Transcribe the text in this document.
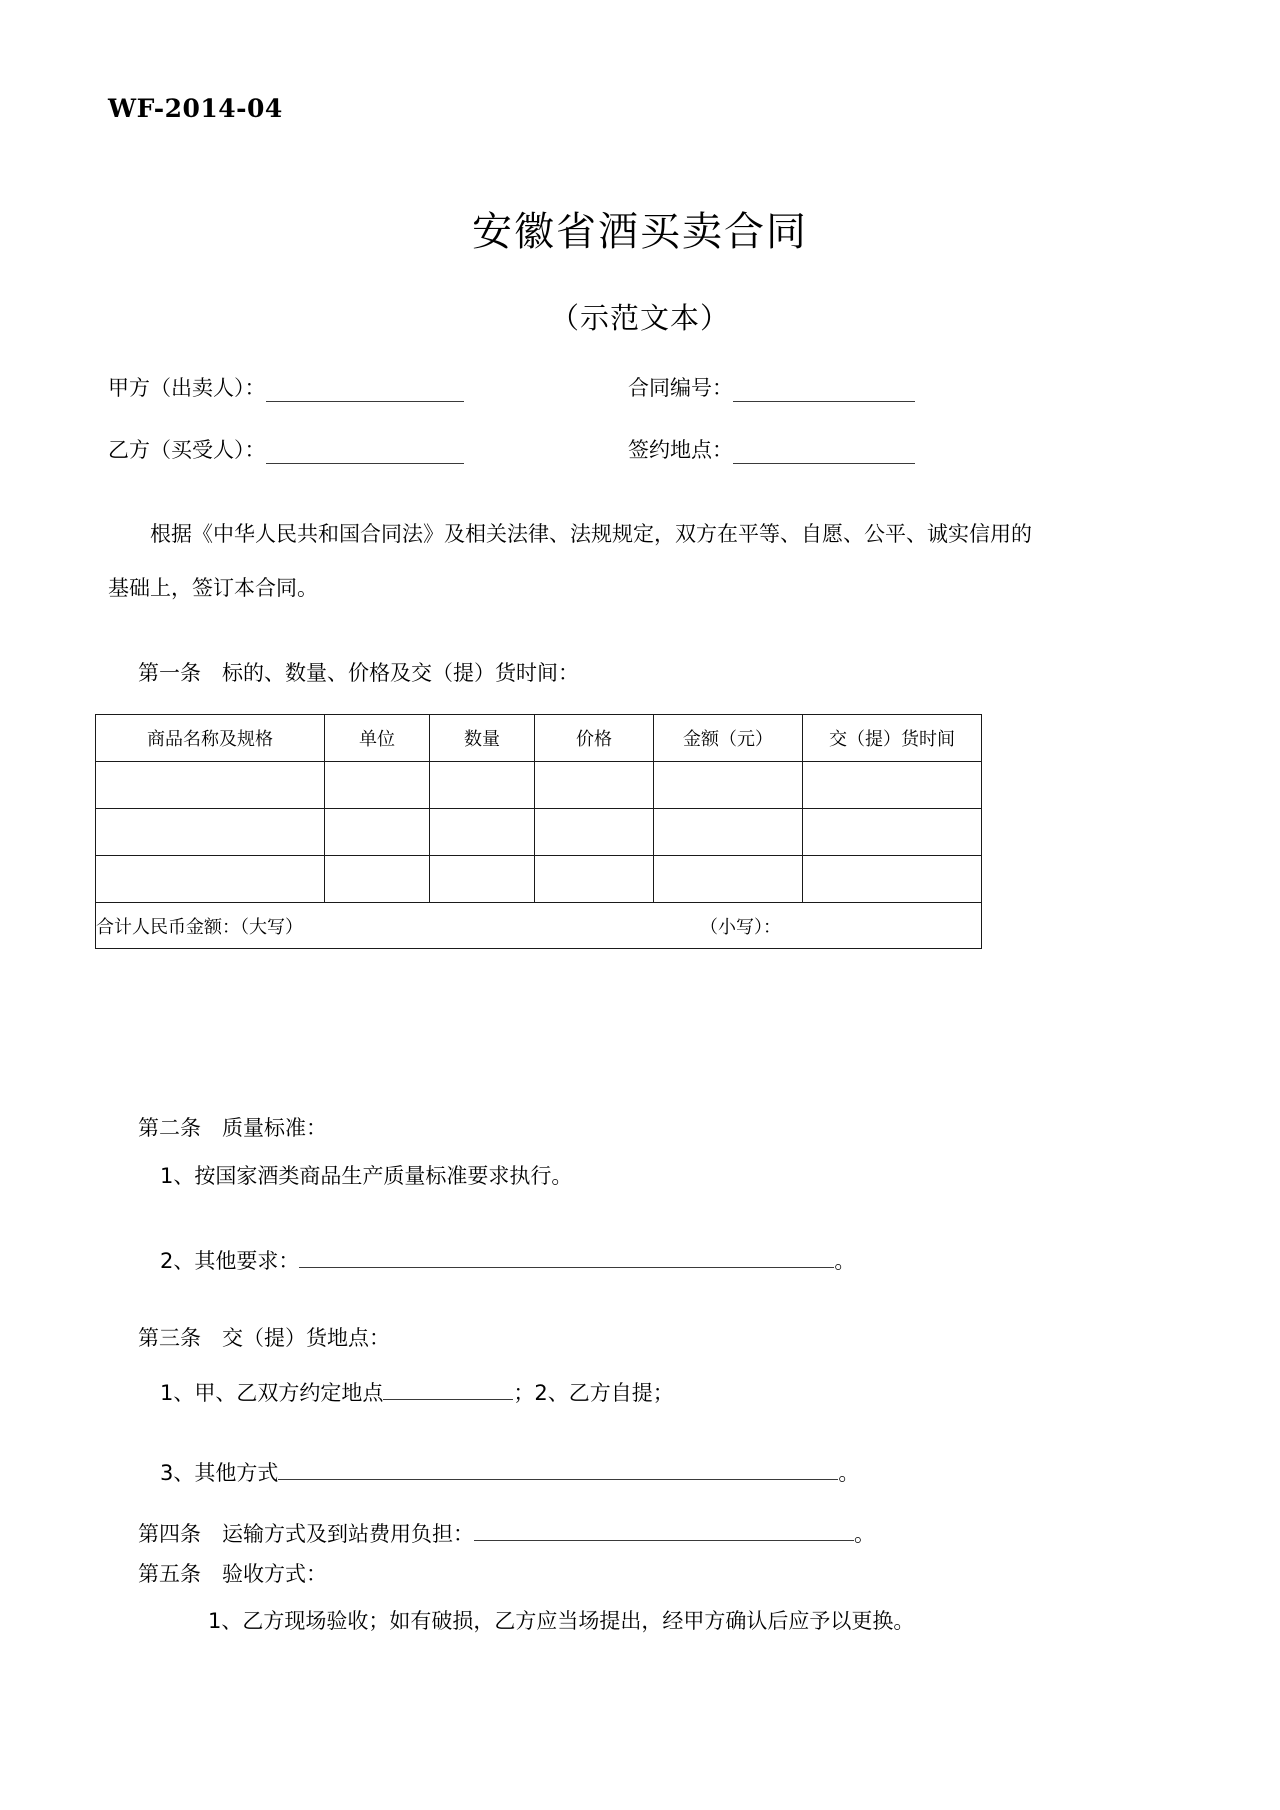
WF-2014-04
安徽省酒买卖合同
（示范文本）
甲方（出卖人）：	合同编号：
乙方（买受人）：	签约地点：
根据《中华人民共和国合同法》及相关法律、法规规定，双方在平等、自愿、公平、诚实信用的
基础上，签订本合同。
第一条　标的、数量、价格及交（提）货时间：
商品名称及规格	单位	数量	价格	金额（元）	交（提）货时间

合计人民币金额：（大写） （小写）：					
第二条　质量标准：
1、按国家酒类商品生产质量标准要求执行。
2、其他要求：	。
第三条　交（提）货地点：
1、甲、乙双方约定地点	；2、乙方自提；
3、其他方式	。
第四条　运输方式及到站费用负担：	。
第五条　验收方式：
1、乙方现场验收；如有破损，乙方应当场提出，经甲方确认后应予以更换。
